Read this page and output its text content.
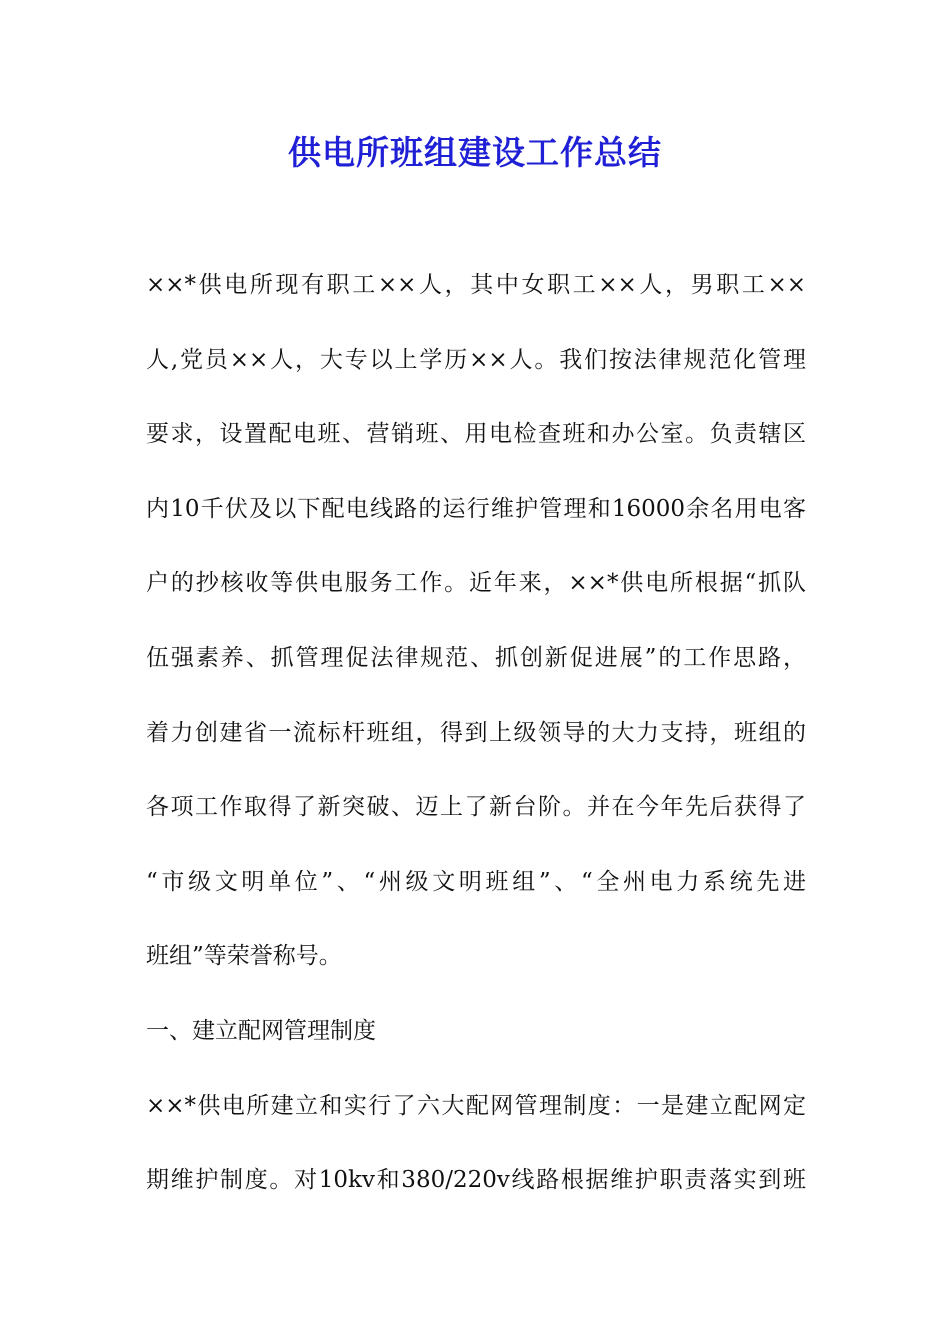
供电所班组建设工作总结
××*供电所现有职工××人，其中女职工××人，男职工××
人,党员××人，大专以上学历××人。我们按法律规范化管理
要求，设置配电班、营销班、用电检查班和办公室。负责辖区
内10千伏及以下配电线路的运行维护管理和16000余名用电客
户的抄核收等供电服务工作。近年来，××*供电所根据“抓队
伍强素养、抓管理促法律规范、抓创新促进展”的工作思路，
着力创建省一流标杆班组，得到上级领导的大力支持，班组的
各项工作取得了新突破、迈上了新台阶。并在今年先后获得了
“市级文明单位”、“州级文明班组”、“全州电力系统先进
班组”等荣誉称号。
一、建立配网管理制度
××*供电所建立和实行了六大配网管理制度：一是建立配网定
期维护制度。对10kv和380/220v线路根据维护职责落实到班
